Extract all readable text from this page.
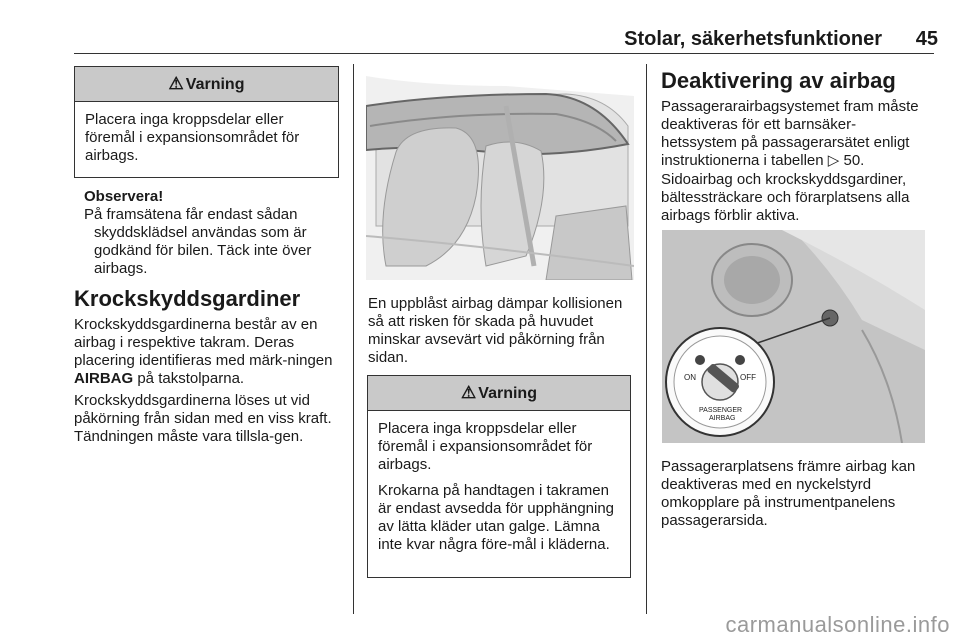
Stolar, säkerhetsfunktioner 45
⚠ Varning

Placera inga kroppsdelar eller föremål i expansionsområdet för airbags.

Observera!
På framsätena får endast sådan
skyddsklädsel användas som är
godkänd för bilen. Täck inte över
airbags.
Krockskyddsgardiner
Krockskyddsgardinerna består av en airbag i respektive takram. Deras placering identifieras med märk-ningen AIRBAG på takstolparna.
Krockskyddsgardinerna löses ut vid påkörning från sidan med en viss kraft. Tändningen måste vara tillsla-gen.
En uppblåst airbag dämpar kollisionen så att risken för skada på huvudet minskar avsevärt vid påkörning från sidan.
⚠ Varning

Placera inga kroppsdelar eller föremål i expansionsområdet för airbags.

Krokarna på handtagen i takramen är endast avsedda för upphängning av lätta kläder utan galge. Lämna inte kvar några före-mål i kläderna.

Deaktivering av airbag
Passagerarairbagsystemet fram måste deaktiveras för ett barnsäker-hetssystem på passagerarsätet enligt instruktionerna i tabellen ▷ 50.
Sidoairbag och krockskyddsgardiner, bältessträckare och förarplatsens alla airbags förblir aktiva.
ON	OFF
PASSENGER
AIRBAG
Passagerarplatsens främre airbag kan deaktiveras med en nyckelstyrd omkopplare på instrumentpanelens passagerarsida.
carmanualsonline.info
